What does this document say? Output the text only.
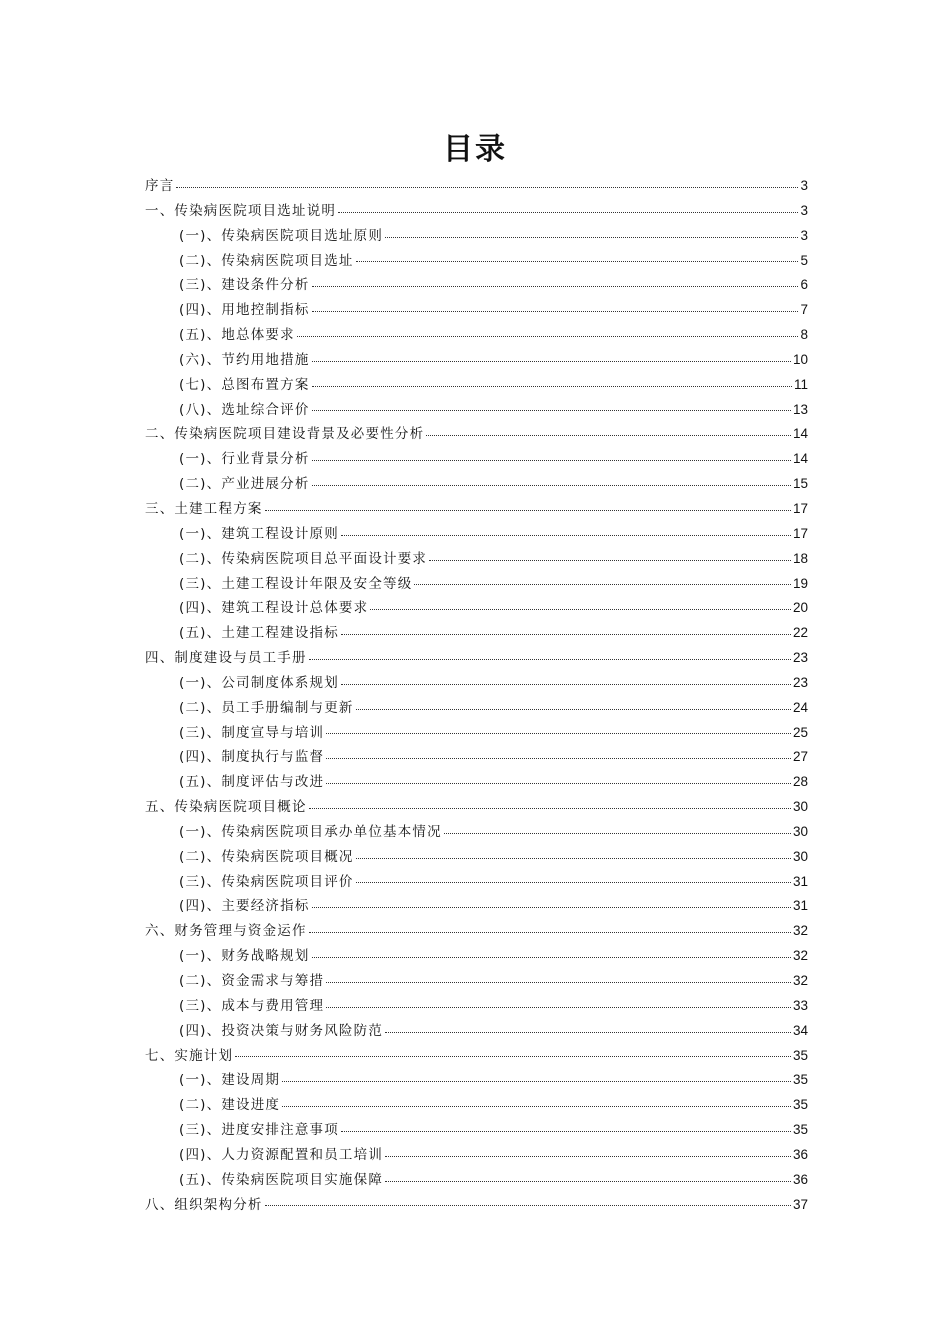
目录
序言	3
一、传染病医院项目选址说明	3
(一)、传染病医院项目选址原则	3
(二)、传染病医院项目选址	5
(三)、建设条件分析	6
(四)、用地控制指标	7
(五)、地总体要求	8
(六)、节约用地措施	10
(七)、总图布置方案	11
(八)、选址综合评价	13
二、传染病医院项目建设背景及必要性分析	14
(一)、行业背景分析	14
(二)、产业进展分析	15
三、土建工程方案	17
(一)、建筑工程设计原则	17
(二)、传染病医院项目总平面设计要求	18
(三)、土建工程设计年限及安全等级	19
(四)、建筑工程设计总体要求	20
(五)、土建工程建设指标	22
四、制度建设与员工手册	23
(一)、公司制度体系规划	23
(二)、员工手册编制与更新	24
(三)、制度宣导与培训	25
(四)、制度执行与监督	27
(五)、制度评估与改进	28
五、传染病医院项目概论	30
(一)、传染病医院项目承办单位基本情况	30
(二)、传染病医院项目概况	30
(三)、传染病医院项目评价	31
(四)、主要经济指标	31
六、财务管理与资金运作	32
(一)、财务战略规划	32
(二)、资金需求与筹措	32
(三)、成本与费用管理	33
(四)、投资决策与财务风险防范	34
七、实施计划	35
(一)、建设周期	35
(二)、建设进度	35
(三)、进度安排注意事项	35
(四)、人力资源配置和员工培训	36
(五)、传染病医院项目实施保障	36
八、组织架构分析	37
